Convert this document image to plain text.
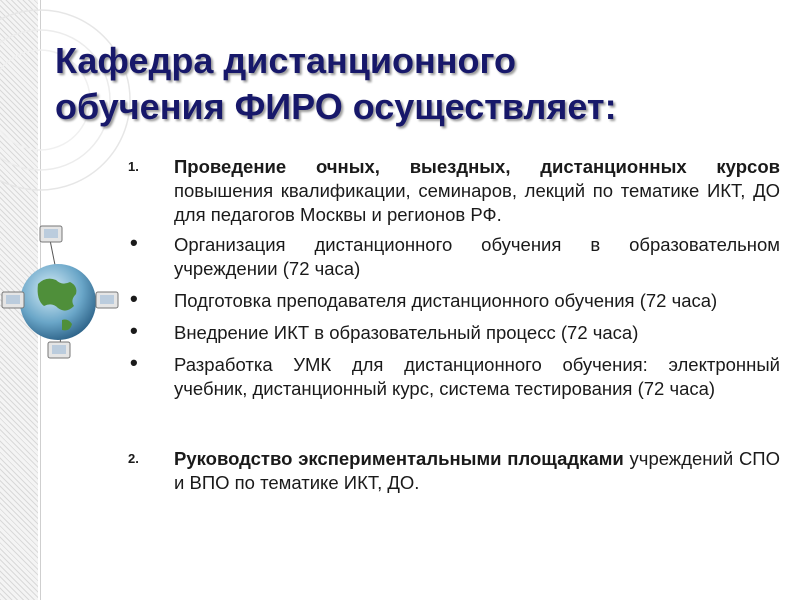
Кафедра дистанционного
обучения ФИРО осуществляет:
1. Проведение очных, выездных, дистанционных курсов повышения квалификации, семинаров, лекций по тематике ИКТ, ДО для педагогов Москвы и регионов РФ.
• Организация дистанционного обучения в образовательном учреждении (72 часа)
• Подготовка преподавателя дистанционного обучения (72 часа)
• Внедрение ИКТ в образовательный процесс (72 часа)
• Разработка УМК для дистанционного обучения: электронный учебник, дистанционный курс, система тестирования (72 часа)
2. Руководство экспериментальными площадками учреждений СПО и ВПО по тематике ИКТ, ДО.
